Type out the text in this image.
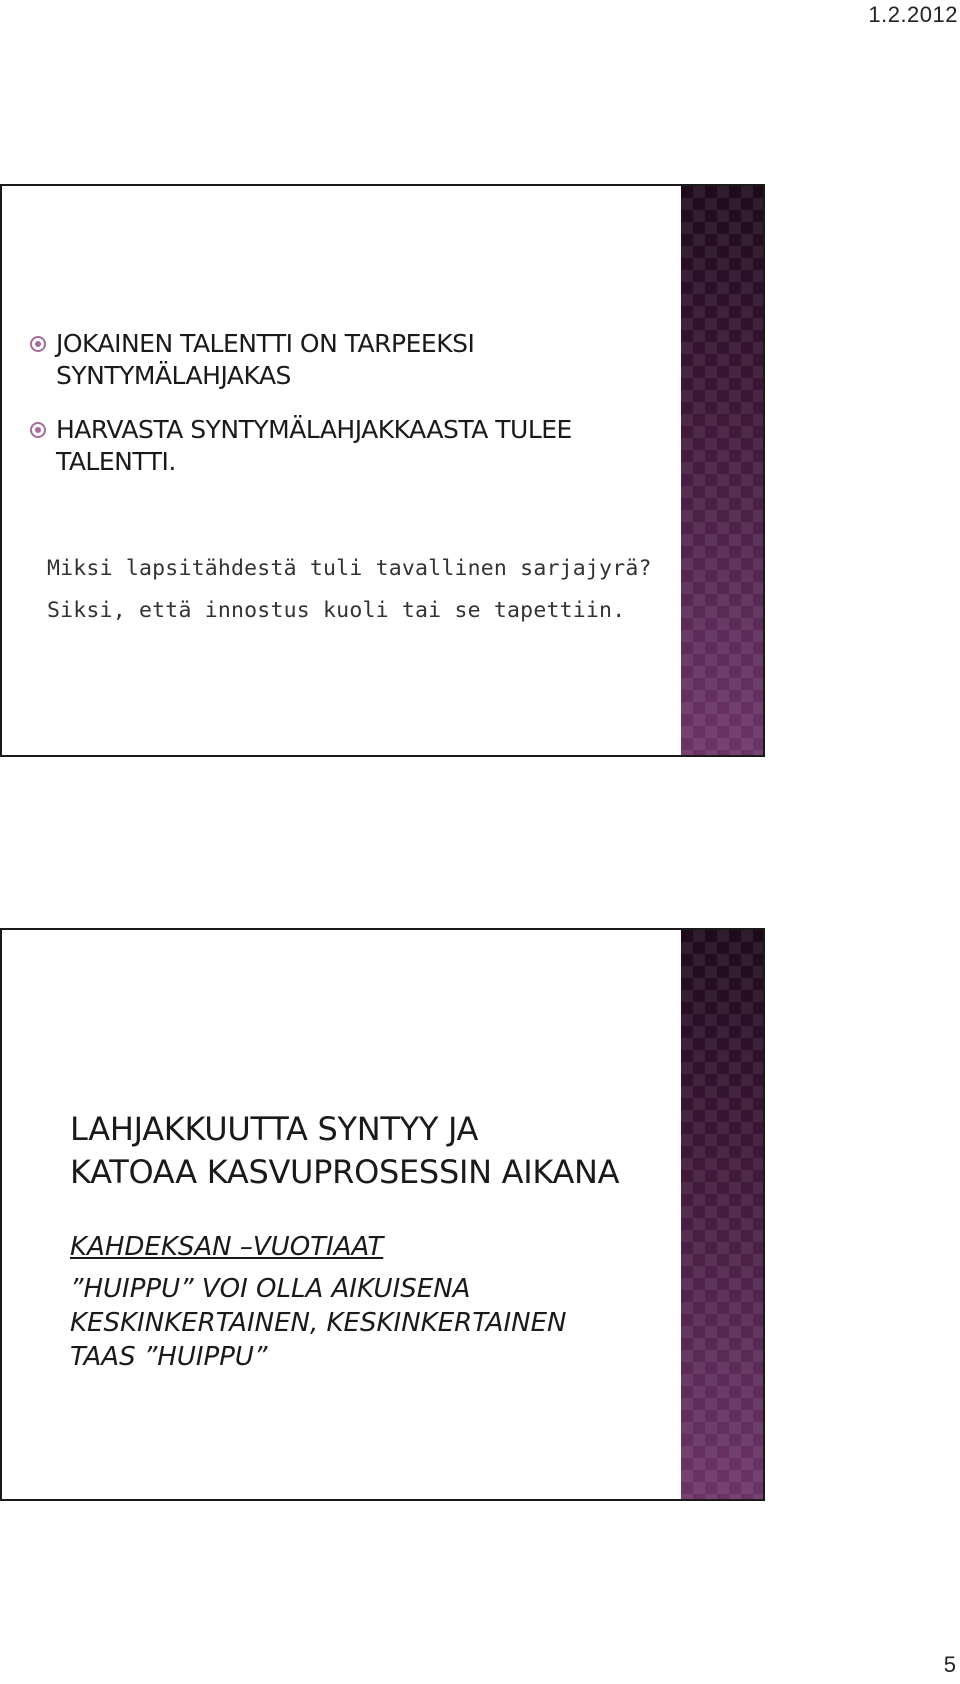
1.2.2012
JOKAINEN TALENTTI ON TARPEEKSI
SYNTYMÄLAHJAKAS
HARVASTA SYNTYMÄLAHJAKKAASTA TULEE
TALENTTI.
Miksi lapsitähdestä tuli tavallinen sarjajyrä?
Siksi, että innostus kuoli tai se tapettiin.
LAHJAKKUUTTA SYNTYY JA
KATOAA KASVUPROSESSIN AIKANA
KAHDEKSAN –VUOTIAAT
”HUIPPU” VOI OLLA AIKUISENA
KESKINKERTAINEN, KESKINKERTAINEN
TAAS ”HUIPPU”
5
